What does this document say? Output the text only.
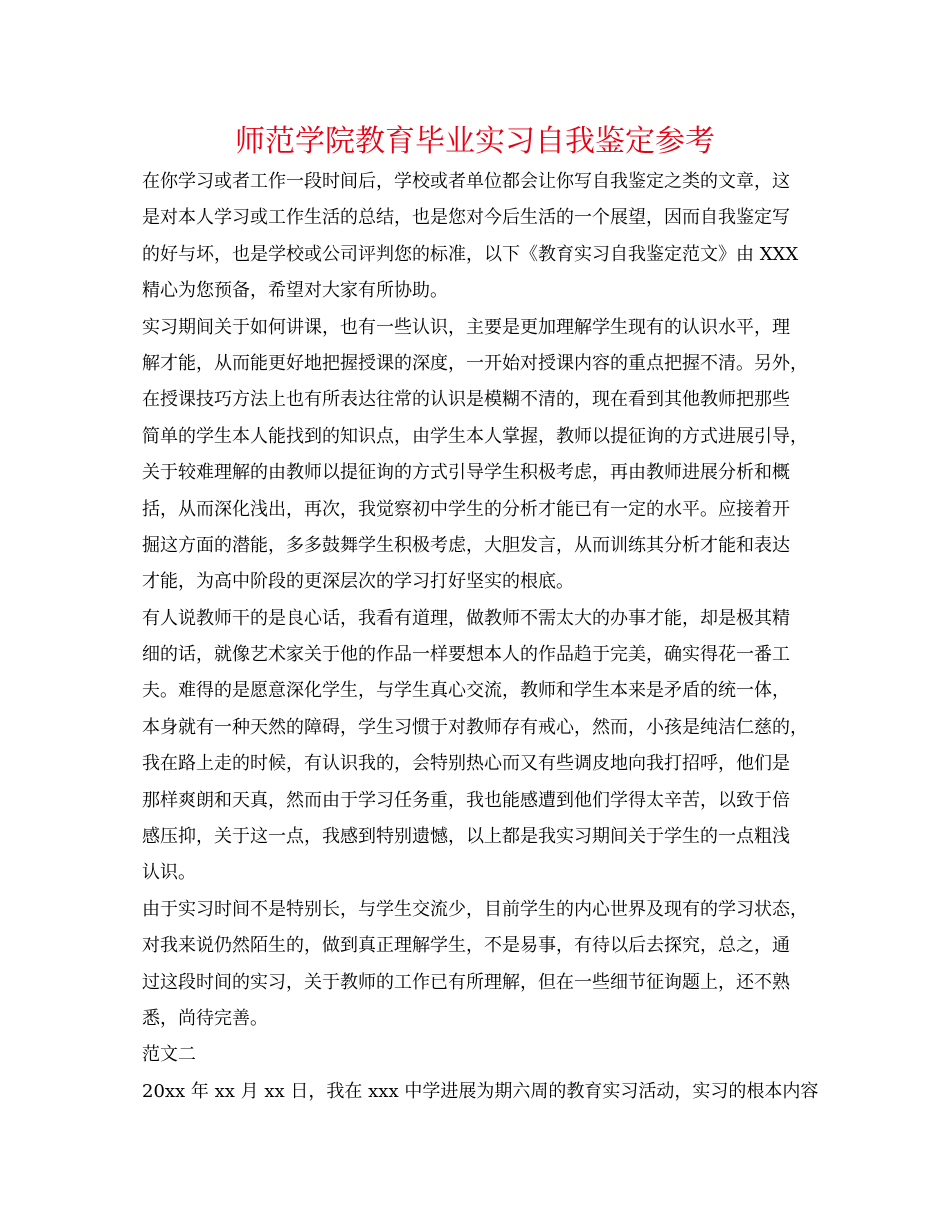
师范学院教育毕业实习自我鉴定参考
在你学习或者工作一段时间后，学校或者单位都会让你写自我鉴定之类的文章，这
是对本人学习或工作生活的总结，也是您对今后生活的一个展望，因而自我鉴定写
的好与坏，也是学校或公司评判您的标准，以下《教育实习自我鉴定范文》由 XXX
精心为您预备，希望对大家有所协助。
实习期间关于如何讲课，也有一些认识，主要是更加理解学生现有的认识水平，理
解才能，从而能更好地把握授课的深度，一开始对授课内容的重点把握不清。另外，
在授课技巧方法上也有所表达往常的认识是模糊不清的，现在看到其他教师把那些
简单的学生本人能找到的知识点，由学生本人掌握，教师以提征询的方式进展引导，
关于较难理解的由教师以提征询的方式引导学生积极考虑，再由教师进展分析和概
括，从而深化浅出，再次，我觉察初中学生的分析才能已有一定的水平。应接着开
掘这方面的潜能，多多鼓舞学生积极考虑，大胆发言，从而训练其分析才能和表达
才能，为高中阶段的更深层次的学习打好坚实的根底。
有人说教师干的是良心话，我看有道理，做教师不需太大的办事才能，却是极其精
细的话，就像艺术家关于他的作品一样要想本人的作品趋于完美，确实得花一番工
夫。难得的是愿意深化学生，与学生真心交流，教师和学生本来是矛盾的统一体，
本身就有一种天然的障碍，学生习惯于对教师存有戒心，然而，小孩是纯洁仁慈的，
我在路上走的时候，有认识我的，会特别热心而又有些调皮地向我打招呼，他们是
那样爽朗和天真，然而由于学习任务重，我也能感遭到他们学得太辛苦，以致于倍
感压抑，关于这一点，我感到特别遗憾，以上都是我实习期间关于学生的一点粗浅
认识。
由于实习时间不是特别长，与学生交流少，目前学生的内心世界及现有的学习状态，
对我来说仍然陌生的，做到真正理解学生，不是易事，有待以后去探究，总之，通
过这段时间的实习，关于教师的工作已有所理解，但在一些细节征询题上，还不熟
悉，尚待完善。
范文二
20xx 年 xx 月 xx 日，我在 xxx 中学进展为期六周的教育实习活动，实习的根本内容
